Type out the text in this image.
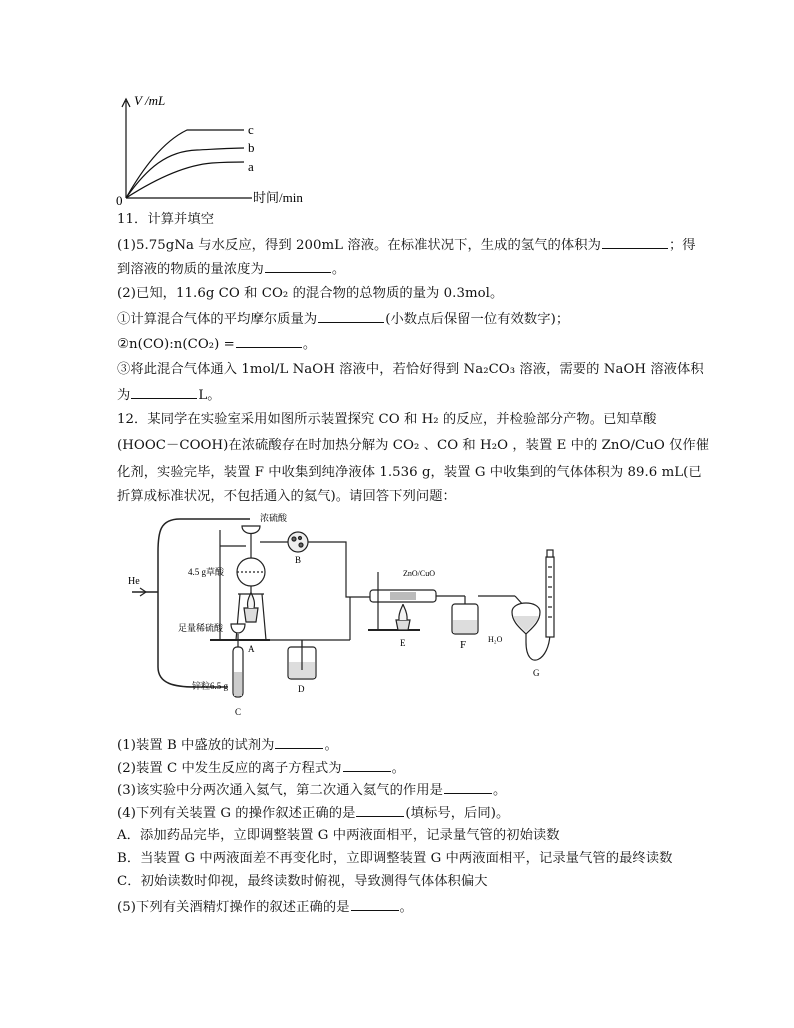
V /mL
c
b
a
0	时间/min
11．计算并填空
(1)5.75gNa 与水反应，得到 200mL 溶液。在标准状况下，生成的氢气的体积为	；得
到溶液的物质的量浓度为	。
(2)已知，11.6g CO 和 CO₂ 的混合物的总物质的量为 0.3mol。
①计算混合气体的平均摩尔质量为	(小数点后保留一位有效数字)；
②n(CO):n(CO₂) =	。
③将此混合气体通入 1mol/L NaOH 溶液中，若恰好得到 Na₂CO₃ 溶液，需要的 NaOH 溶液体积
为	L。
12．某同学在实验室采用如图所示装置探究 CO 和 H₂ 的反应，并检验部分产物。已知草酸
(HOOC－COOH)在浓硫酸存在时加热分解为 CO₂ 、CO 和 H₂O ，装置 E 中的 ZnO/CuO 仅作催
化剂，实验完毕，装置 F 中收集到纯净液体 1.536 g，装置 G 中收集到的气体体积为 89.6 mL(已
折算成标准状况，不包括通入的氦气)。请回答下列问题：
He
浓硫酸
4.5 g草酸
A
B
足量稀硫酸
锌粒6.5 g
C
D
ZnO/CuO
E	F	H₂O
G
(1)装置 B 中盛放的试剂为	。
(2)装置 C 中发生反应的离子方程式为	。
(3)该实验中分两次通入氦气，第二次通入氦气的作用是	。
(4)下列有关装置 G 的操作叙述正确的是	(填标号，后同)。
A．添加药品完毕，立即调整装置 G 中两液面相平，记录量气管的初始读数
B．当装置 G 中两液面差不再变化时，立即调整装置 G 中两液面相平，记录量气管的最终读数
C．初始读数时仰视，最终读数时俯视，导致测得气体体积偏大
(5)下列有关酒精灯操作的叙述正确的是	。
